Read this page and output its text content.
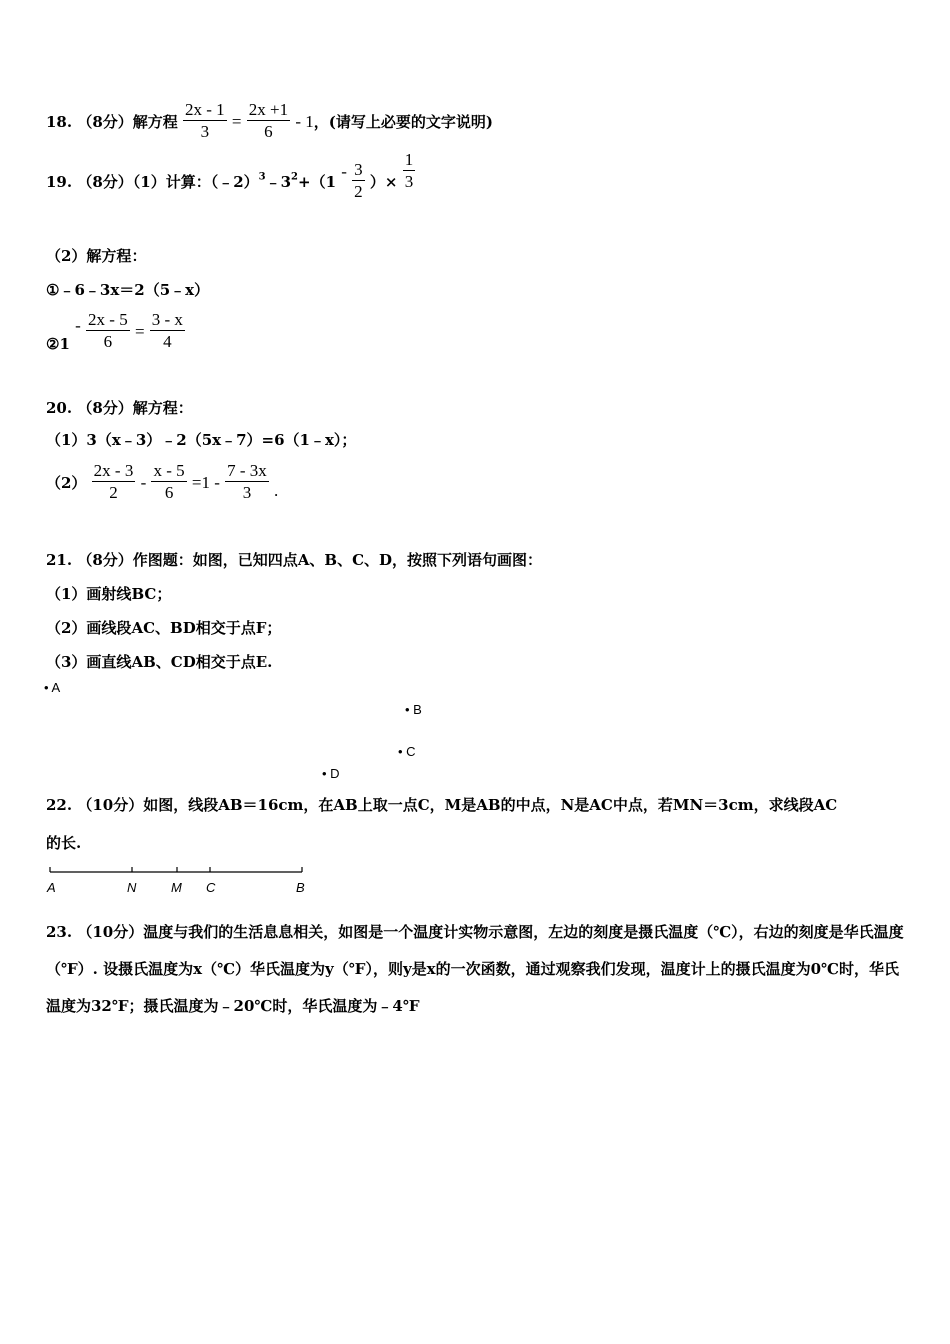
18. （8分）解方程 $\frac{2x - 1}{3} = \frac{2x +1}{6} - 1$，(请写上必要的文字说明)
19. （8分）（1）计算：$(﹣2)^3﹣3^2+(1 - \frac{3}{2}$ ）× $\frac{1}{3}$
（2）解方程：
①﹣6﹣3x＝2（5﹣x）
②1 - $\frac{2x - 5}{6} = \frac{3 - x}{4}$
20. （8分）解方程：
（1）3（x﹣3）﹣2（5x﹣7）=6（1﹣x）；
$(2) \frac{2x - 3}{2} - \frac{x - 5}{6} =1 - \frac{7 - 3x}{3}$ .
21. （8分）作图题：如图，已知四点A、B、C、D，按照下列语句画图：
（1）画射线BC；
（2）画线段AC、BD相交于点F；
（3）画直线AB、CD相交于点E.
• A
• B
• C
• D
22. （10分）如图，线段AB＝16cm，在AB上取一点C，M是AB的中点，N是AC中点，若MN＝3cm，求线段AC
的长.
A	N	M C	B
23. （10分）温度与我们的生活息息相关，如图是一个温度计实物示意图，左边的刻度是摄氏温度（℃），右边的刻度是华氏温度（℉）. 设摄氏温度为x（℃）华氏温度为y（℉），则y是x的一次函数，通过观察我们发现，温度计上的摄氏温度为0℃时，华氏温度为32℉；摄氏温度为﹣20℃时，华氏温度为﹣4℉
